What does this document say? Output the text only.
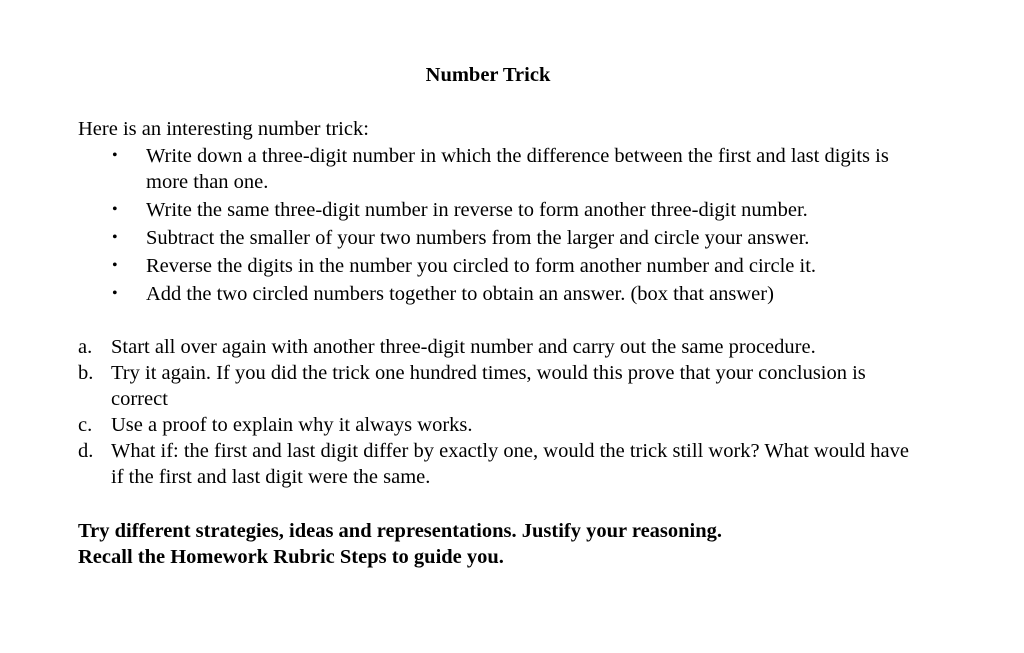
Number Trick
Here is an interesting number trick:
• Write down a three-digit number in which the difference between the first and last digits is more than one.
• Write the same three-digit number in reverse to form another three-digit number.
• Subtract the smaller of your two numbers from the larger and circle your answer.
• Reverse the digits in the number you circled to form another number and circle it.
• Add the two circled numbers together to obtain an answer. (box that answer)
a. Start all over again with another three-digit number and carry out the same procedure.
b. Try it again. If you did the trick one hundred times, would this prove that your conclusion is correct
c. Use a proof to explain why it always works.
d. What if: the first and last digit differ by exactly one, would the trick still work? What would have if the first and last digit were the same.
Try different strategies, ideas and representations. Justify your reasoning.
Recall the Homework Rubric Steps to guide you.
